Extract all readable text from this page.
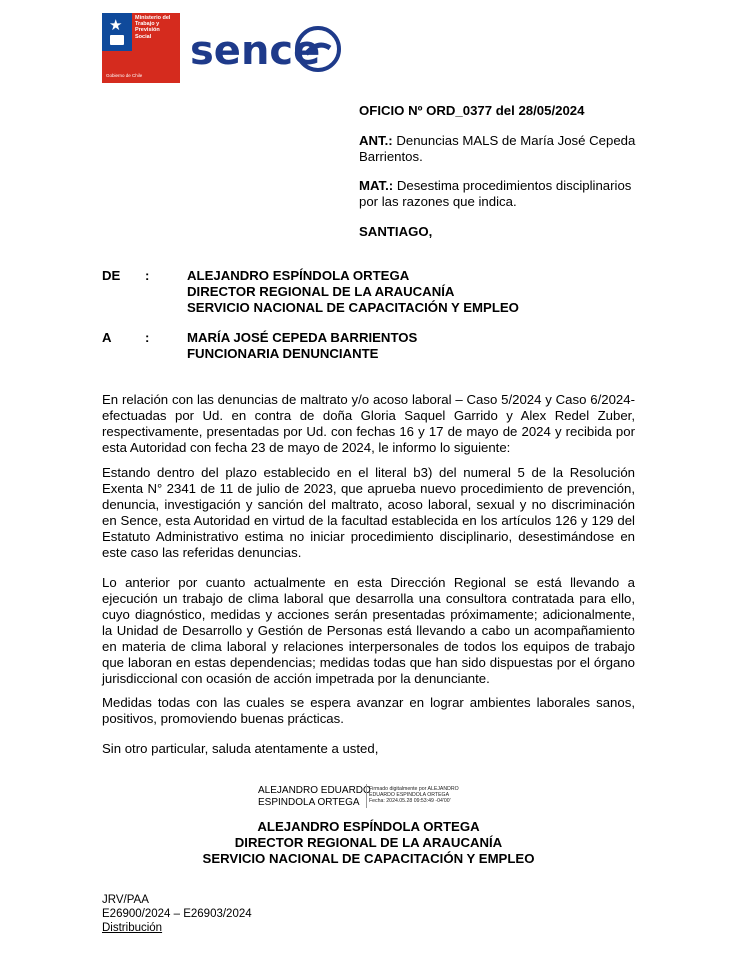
★ Ministerio del
Trabajo y
Previsión
Social
Gobierno de Chile
sence
OFICIO Nº ORD_0377 del 28/05/2024
ANT.: Denuncias MALS de María José Cepeda
Barrientos.
MAT.: Desestima procedimientos disciplinarios
por las razones que indica.
SANTIAGO,
DE :	ALEJANDRO ESPÍNDOLA ORTEGA
DIRECTOR REGIONAL DE LA ARAUCANÍA
SERVICIO NACIONAL DE CAPACITACIÓN Y EMPLEO
A	:	MARÍA JOSÉ CEPEDA BARRIENTOS
FUNCIONARIA DENUNCIANTE
En relación con las denuncias de maltrato y/o acoso laboral – Caso 5/2024 y Caso 6/2024- efectuadas por Ud. en contra de doña Gloria Saquel Garrido y Alex Redel Zuber, respectivamente, presentadas por Ud. con fechas 16 y 17 de mayo de 2024 y recibida por esta Autoridad con fecha 23 de mayo de 2024, le informo lo siguiente:
Estando dentro del plazo establecido en el literal b3) del numeral 5 de la Resolución Exenta N° 2341 de 11 de julio de 2023, que aprueba nuevo procedimiento de prevención, denuncia, investigación y sanción del maltrato, acoso laboral, sexual y no discriminación en Sence, esta Autoridad en virtud de la facultad establecida en los artículos 126 y 129 del Estatuto Administrativo estima no iniciar procedimiento disciplinario, desestimándose en este caso las referidas denuncias.
Lo anterior por cuanto actualmente en esta Dirección Regional se está llevando a ejecución un trabajo de clima laboral que desarrolla una consultora contratada para ello, cuyo diagnóstico, medidas y acciones serán presentadas próximamente; adicionalmente, la Unidad de Desarrollo y Gestión de Personas está llevando a cabo un acompañamiento en materia de clima laboral y relaciones interpersonales de todos los equipos de trabajo que laboran en estas dependencias; medidas todas que han sido dispuestas por el órgano jurisdiccional con ocasión de acción impetrada por la denunciante.
Medidas todas con las cuales se espera avanzar en lograr ambientes laborales sanos, positivos, promoviendo buenas prácticas.
Sin otro particular, saluda atentamente a usted,
ALEJANDRO EDUARDO
ESPINDOLA ORTEGA
Firmado digitalmente por ALEJANDRO
EDUARDO ESPINDOLA ORTEGA
Fecha: 2024.05.28 09:53:49 -04'00'
ALEJANDRO ESPÍNDOLA ORTEGA
DIRECTOR REGIONAL DE LA ARAUCANÍA
SERVICIO NACIONAL DE CAPACITACIÓN Y EMPLEO
JRV/PAA
E26900/2024 – E26903/2024
Distribución
